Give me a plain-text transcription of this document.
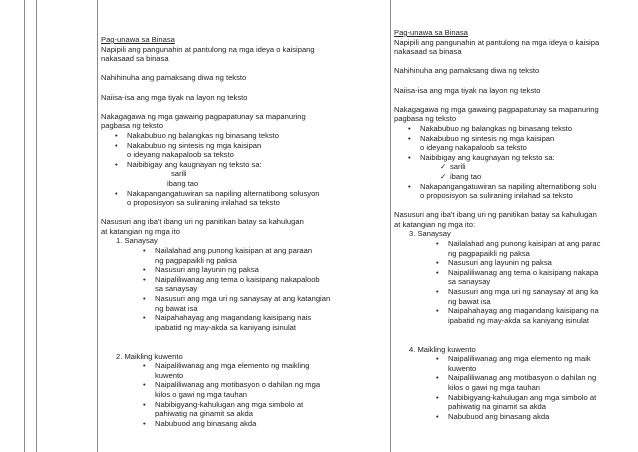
Pag-unawa sa Binasa
Napipili ang pangunahin at pantulong na mga ideya o kaisipang
nakasaad sa binasa
Nahihinuha ang pamaksang diwa ng teksto
Naiisa-isa ang mga tiyak na layon ng teksto
Nakagagawa ng mga gawaing pagpapatunay sa mapanuring
pagbasa ng teksto
• Nakabubuo ng balangkas ng binasang teksto
• Nakabubuo ng sintesis ng mga kaisipan
o ideyang nakapaloob sa teksto
• Naibibigay ang kaugnayan ng teksto sa:
sarili
ibang tao
• Nakapangangatuwiran sa napiling alternatibong solusyon
o proposisyon sa suliraning inilahad sa teksto
Nasusuri ang iba't ibang uri ng panitikan batay sa kahulugan
at katangian ng mga ito
1. Sanaysay
• Nailalahad ang punong kaisipan at ang paraan
ng pagpapaikli ng paksa
• Nasusuri ang layunin ng paksa
• Naipaliliwanag ang tema o kaisipang nakapaloob
sa sanaysay
• Nasusuri ang mga uri ng sanaysay at ang katangian
ng bawat isa
• Naipahahayag ang magandang kaisipang nais
ipabatid ng may-akda sa kaniyang isinulat
2. Maikling kuwento
• Naipaliliwanag ang mga elemento ng maikling
kuwento
• Naipaliliwanag ang motibasyon o dahilan ng mga
kilos o gawi ng mga tauhan
• Nabibigyang-kahulugan ang mga simbolo at
pahiwatig na ginamit sa akda
• Nabubuod ang binasang akda
Pag-unawa sa Binasa
Napipili ang pangunahin at pantulong na mga ideya o kaisipa
nakasaad sa binasa
Nahihinuha ang pamaksang diwa ng teksto
Naiisa-isa ang mga tiyak na layon ng teksto
Nakagagawa ng mga gawaing pagpapatunay sa mapanuring
pagbasa ng teksto
• Nakabubuo ng balangkas ng binasang teksto
• Nakabubuo ng sintesis ng mga kaisipan
o ideyang nakapaloob sa teksto
• Naibibigay ang kaugnayan ng teksto sa:
✓ sarili
✓ ibang tao
• Nakapangangatuwiran sa napiling alternatibong solu
o proposisyon sa suliraning inilahad sa teksto
Nasusuri ang iba't ibang uri ng panitikan batay sa kahulugan
at katangian ng mga ito:
3. Sanaysay
• Nailalahad ang punong kaisipan at ang parac
ng pagpapaikli ng paksa
• Nasusuri ang layunin ng paksa
• Naipaliliwanag ang tema o kaisipang nakapa
sa sanaysay
• Nasusuri ang mga uri ng sanaysay at ang ka
ng bawat isa
• Naipahahayag ang magandang kaisipang na
ipabatid ng may-akda sa kaniyang isinulat
4. Maikling kuwento
• Naipaliliwanag ang mga elemento ng maik
kuwento
• Naipaliliwanag ang motibasyon o dahilan ng
kilos o gawi ng mga tauhan
• Nabibigyang-kahulugan ang mga simbolo at
pahiwatig na ginamit sa akda
• Nabubuod ang binasang akda
